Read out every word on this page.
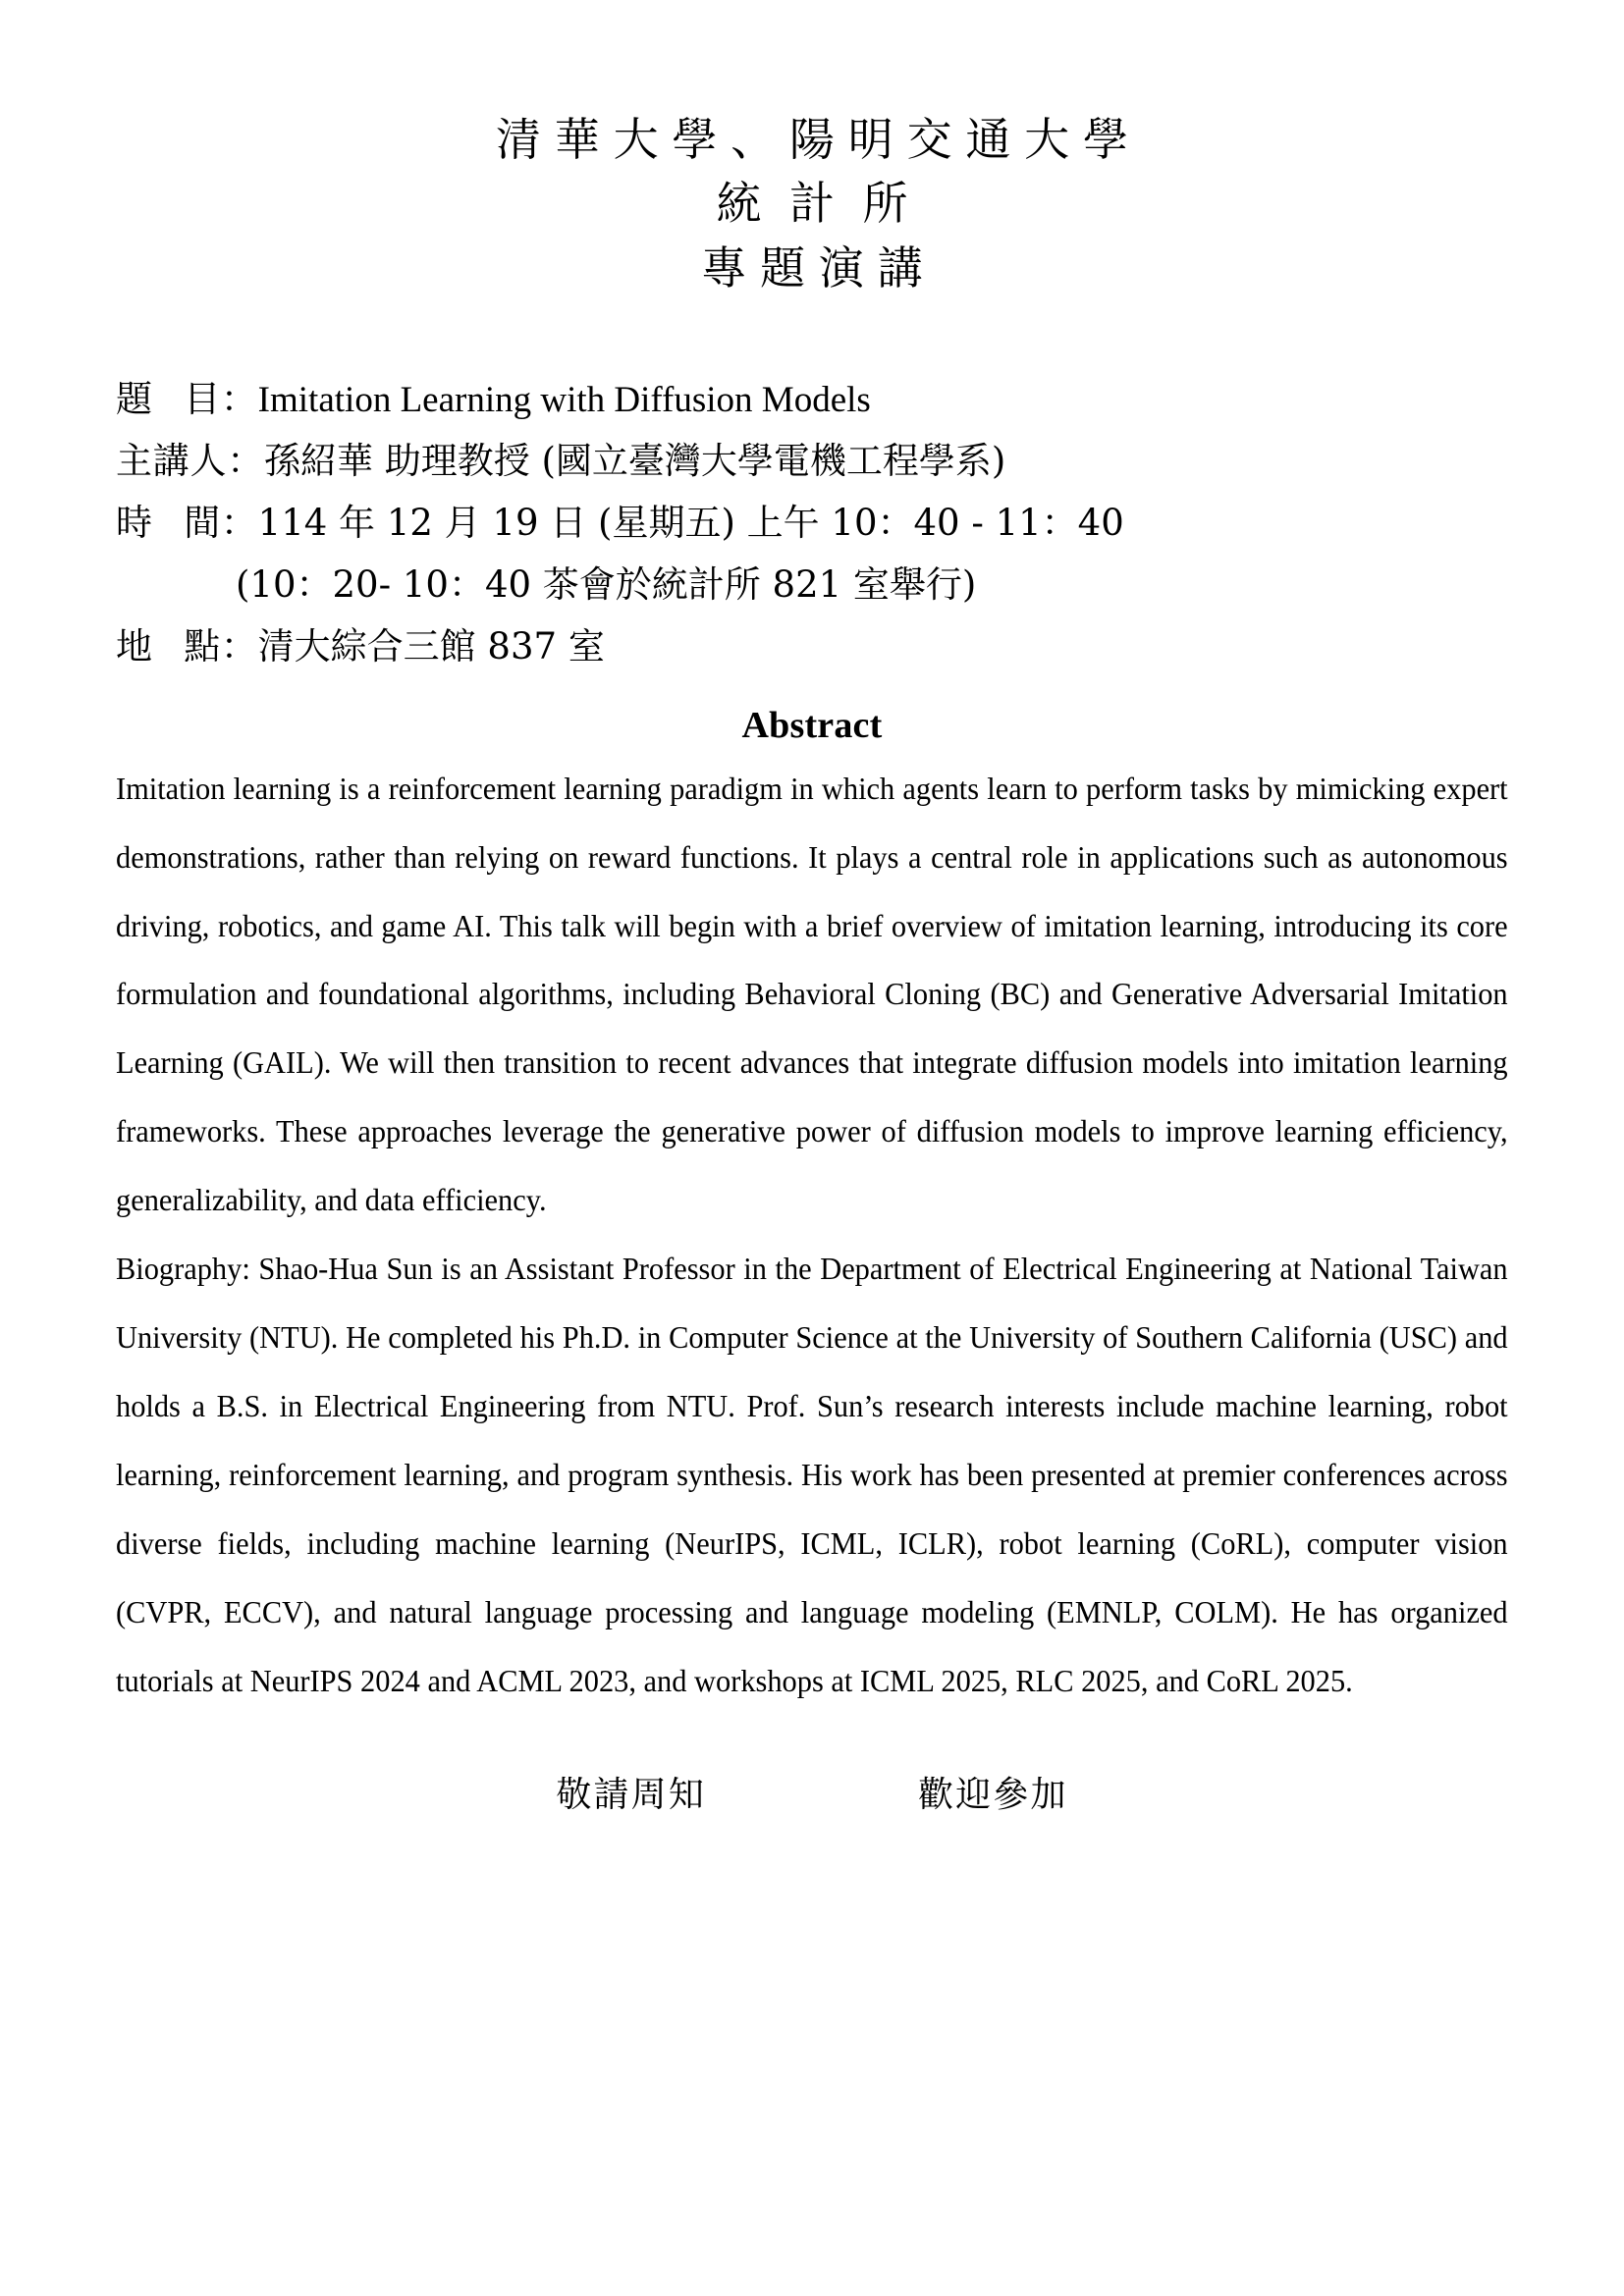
清華大學、陽明交通大學
統計所
專題演講
題 目：Imitation Learning with Diffusion Models
主講人：孫紹華 助理教授 (國立臺灣大學電機工程學系)
時 間：114 年 12 月 19 日 (星期五) 上午 10：40 - 11：40
(10：20- 10：40 茶會於統計所 821 室舉行)
地 點：清大綜合三館 837 室
Abstract

Imitation learning is a reinforcement learning paradigm in which agents learn to perform tasks by mimicking expert demonstrations, rather than relying on reward functions. It plays a central role in applications such as autonomous driving, robotics, and game AI. This talk will begin with a brief overview of imitation learning, introducing its core formulation and foundational algorithms, including Behavioral Cloning (BC) and Generative Adversarial Imitation Learning (GAIL). We will then transition to recent advances that integrate diffusion models into imitation learning frameworks. These approaches leverage the generative power of diffusion models to improve learning efficiency, generalizability, and data efficiency.

Biography: Shao-Hua Sun is an Assistant Professor in the Department of Electrical Engineering at National Taiwan University (NTU). He completed his Ph.D. in Computer Science at the University of Southern California (USC) and holds a B.S. in Electrical Engineering from NTU. Prof. Sun’s research interests include machine learning, robot learning, reinforcement learning, and program synthesis. His work has been presented at premier conferences across diverse fields, including machine learning (NeurIPS, ICML, ICLR), robot learning (CoRL), computer vision (CVPR, ECCV), and natural language processing and language modeling (EMNLP, COLM). He has organized tutorials at NeurIPS 2024 and ACML 2023, and workshops at ICML 2025, RLC 2025, and CoRL 2025.

敬請周知	歡迎參加
